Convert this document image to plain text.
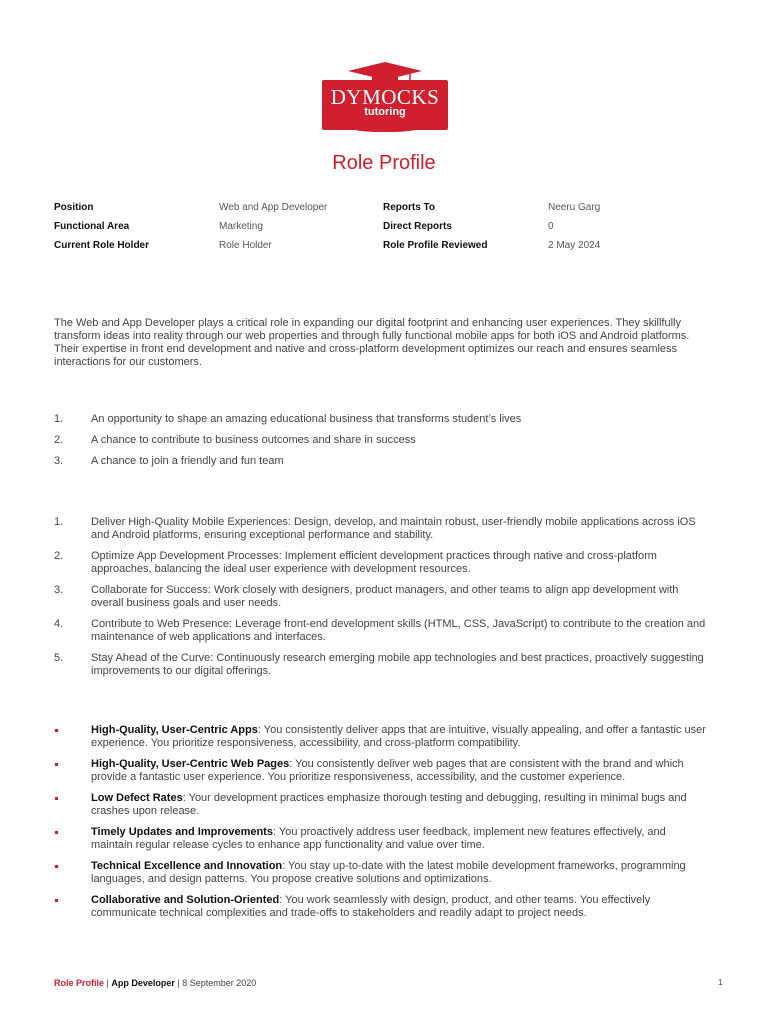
DYMOCKS
tutoring
Role Profile
Position	Web and App Developer	Reports To	Neeru Garg
Functional Area	Marketing	Direct Reports	0
Current Role Holder	Role Holder	Role Profile Reviewed	2 May 2024
The Web and App Developer plays a critical role in expanding our digital footprint and enhancing user experiences. They skillfully transform ideas into reality through our web properties and through fully functional mobile apps for both iOS and Android platforms. Their expertise in front end development and native and cross-platform development optimizes our reach and ensures seamless interactions for our customers.
1.	An opportunity to shape an amazing educational business that transforms student’s lives
2.	A chance to contribute to business outcomes and share in success
3.	A chance to join a friendly and fun team
1.	Deliver High-Quality Mobile Experiences: Design, develop, and maintain robust, user-friendly mobile applications across iOS and Android platforms, ensuring exceptional performance and stability.
2.	Optimize App Development Processes: Implement efficient development practices through native and cross-platform approaches, balancing the ideal user experience with development resources.
3.	Collaborate for Success: Work closely with designers, product managers, and other teams to align app development with overall business goals and user needs.
4.	Contribute to Web Presence: Leverage front-end development skills (HTML, CSS, JavaScript) to contribute to the creation and maintenance of web applications and interfaces.
5.	Stay Ahead of the Curve: Continuously research emerging mobile app technologies and best practices, proactively suggesting improvements to our digital offerings.
High-Quality, User-Centric Apps: You consistently deliver apps that are intuitive, visually appealing, and offer a fantastic user experience. You prioritize responsiveness, accessibility, and cross-platform compatibility.
High-Quality, User-Centric Web Pages: You consistently deliver web pages that are consistent with the brand and which provide a fantastic user experience. You prioritize responsiveness, accessibility, and the customer experience.
Low Defect Rates: Your development practices emphasize thorough testing and debugging, resulting in minimal bugs and crashes upon release.
Timely Updates and Improvements: You proactively address user feedback, implement new features effectively, and maintain regular release cycles to enhance app functionality and value over time.
Technical Excellence and Innovation: You stay up-to-date with the latest mobile development frameworks, programming languages, and design patterns. You propose creative solutions and optimizations.
Collaborative and Solution-Oriented: You work seamlessly with design, product, and other teams. You effectively communicate technical complexities and trade-offs to stakeholders and readily adapt to project needs.
Role Profile | App Developer | 8 September 2020	1
